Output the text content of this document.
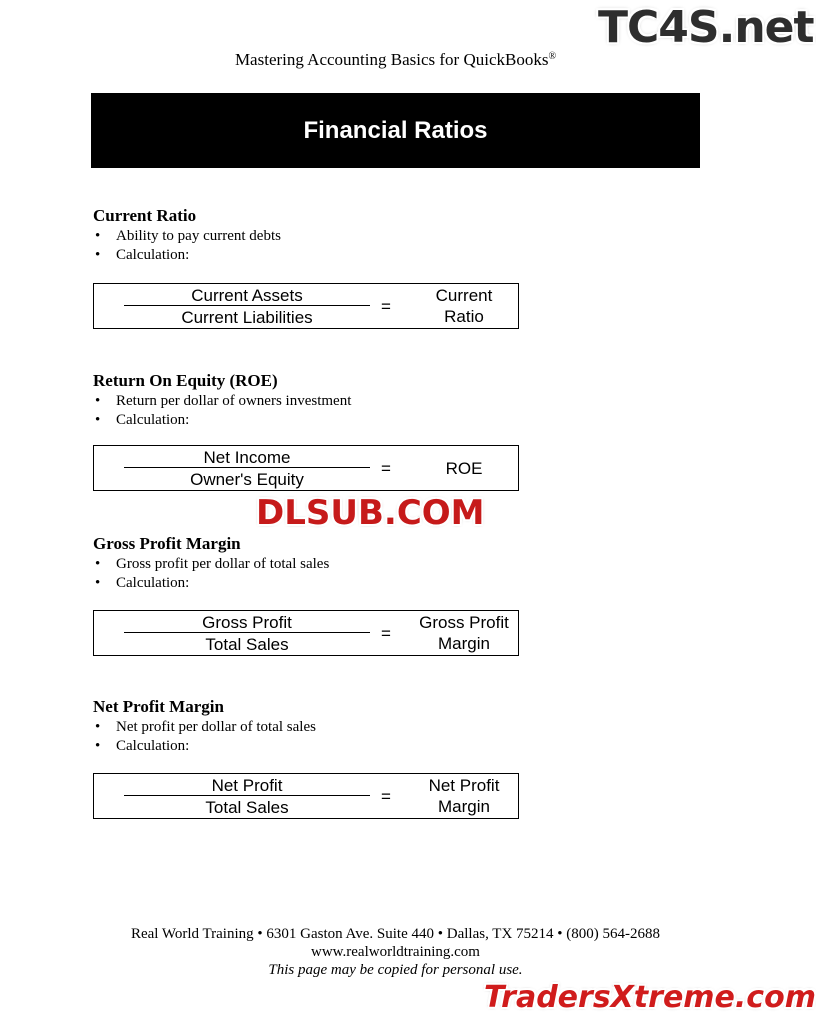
TC4S.net
Mastering Accounting Basics for QuickBooks®
Financial Ratios
Current Ratio
• Ability to pay current debts
• Calculation:
Current Assets
Current Liabilities
=
Current
Ratio
Return On Equity (ROE)
• Return per dollar of owners investment
• Calculation:
Net Income
Owner's Equity
=	ROE
DLSUB.COM
Gross Profit Margin
• Gross profit per dollar of total sales
• Calculation:
Gross Profit
Total Sales
=
Gross Profit
Margin
Net Profit Margin
• Net profit per dollar of total sales
• Calculation:
Net Profit
Total Sales
=
Net Profit
Margin
Real World Training • 6301 Gaston Ave. Suite 440 • Dallas, TX 75214 • (800) 564-2688
www.realworldtraining.com
This page may be copied for personal use.
TradersXtreme.com
